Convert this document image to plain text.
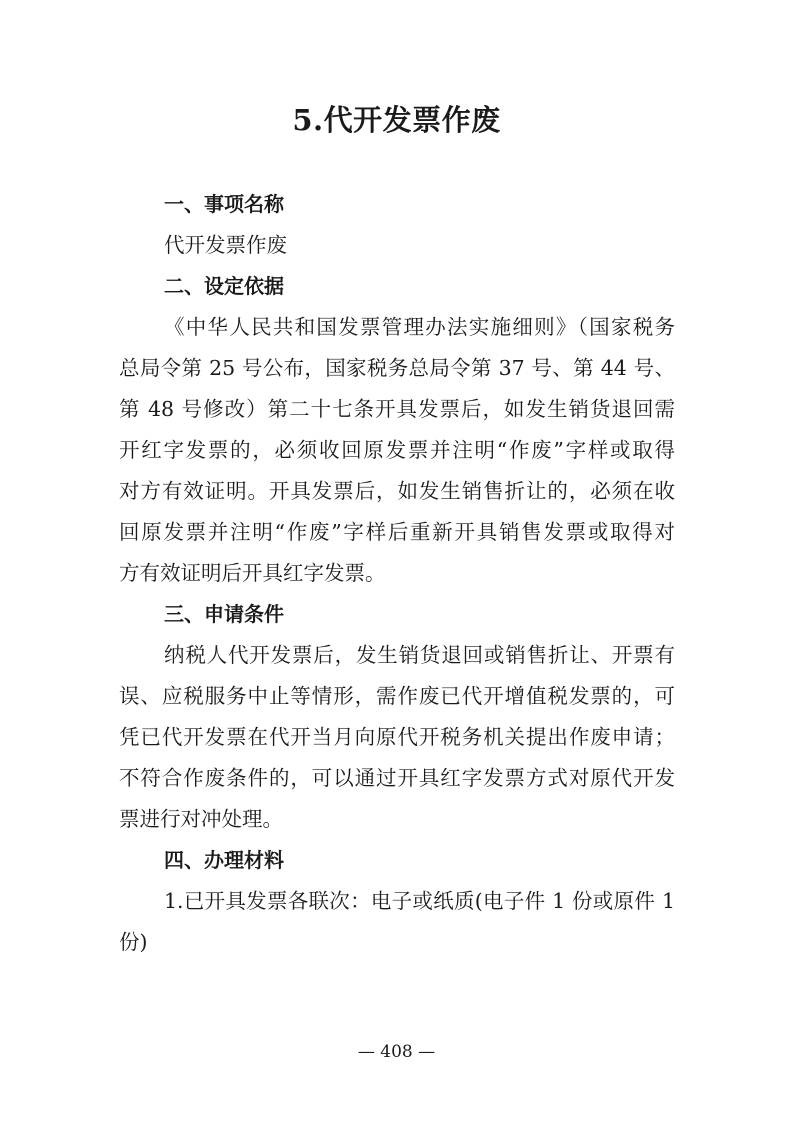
5.代开发票作废
一、事项名称
代开发票作废
二、设定依据
《中华人民共和国发票管理办法实施细则》（国家税务
总局令第 25 号公布，国家税务总局令第 37 号、第 44 号、
第 48 号修改）第二十七条开具发票后，如发生销货退回需
开红字发票的，必须收回原发票并注明“作废”字样或取得
对方有效证明。开具发票后，如发生销售折让的，必须在收
回原发票并注明“作废”字样后重新开具销售发票或取得对
方有效证明后开具红字发票。
三、申请条件
纳税人代开发票后，发生销货退回或销售折让、开票有
误、应税服务中止等情形，需作废已代开增值税发票的，可
凭已代开发票在代开当月向原代开税务机关提出作废申请；
不符合作废条件的，可以通过开具红字发票方式对原代开发
票进行对冲处理。
四、办理材料
1.已开具发票各联次：电子或纸质(电子件 1 份或原件 1
份)
— 408 —
